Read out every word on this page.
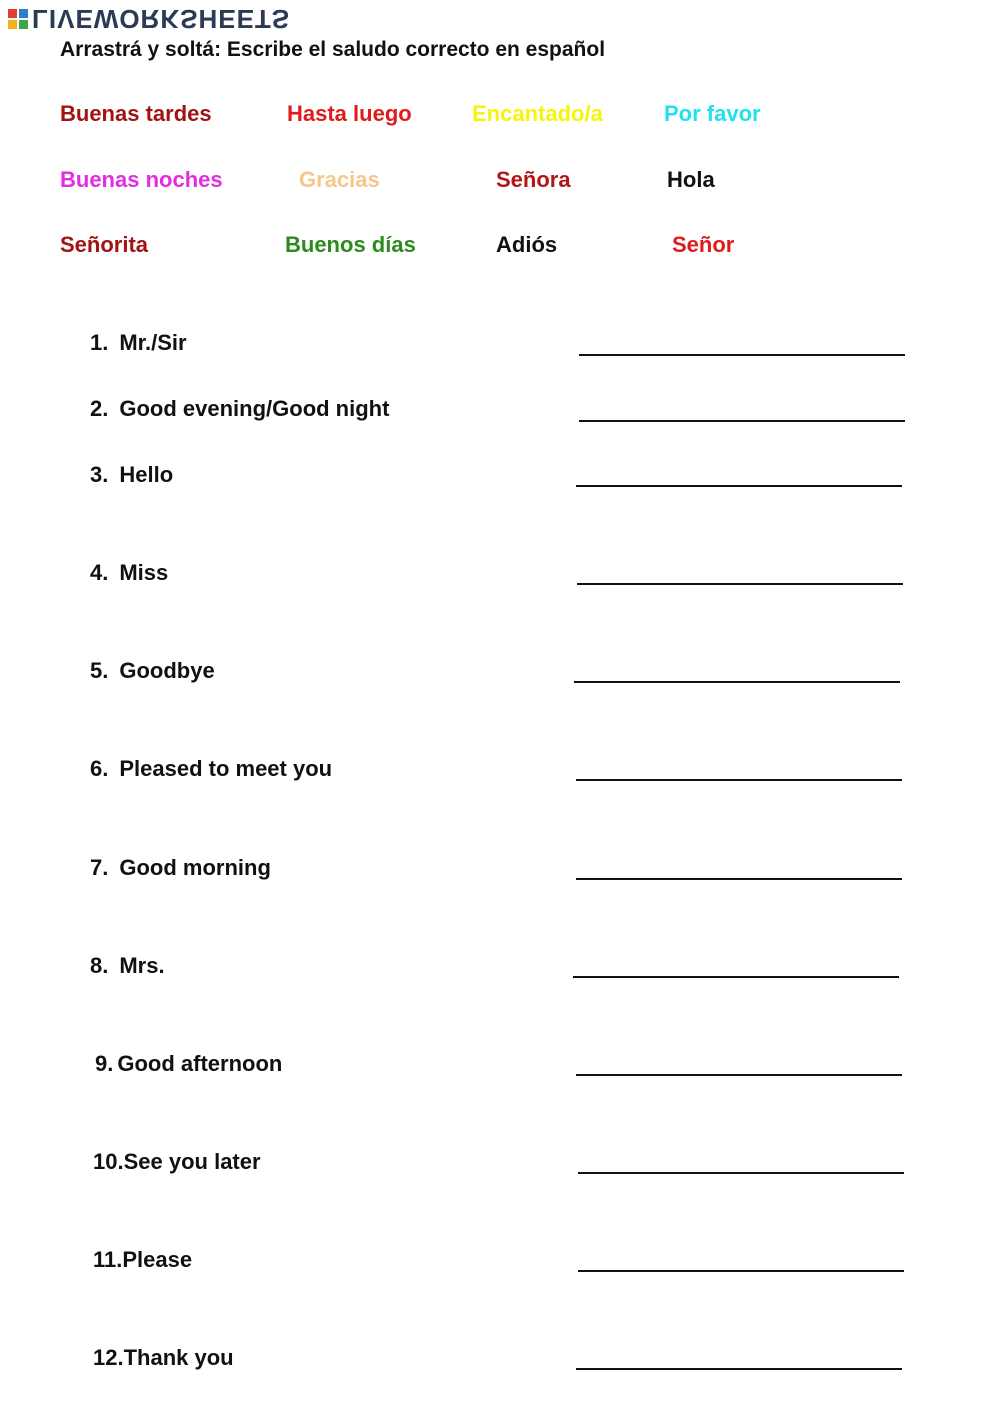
LIVEWORKSHEETS
Arrastrá y soltá: Escribe el saludo correcto en español
Buenas tardes	Hasta luego	Encantado/a	Por favor
Buenas noches	Gracias	Señora	Hola
Señorita	Buenos días	Adiós	Señor
1. Mr./Sir
2. Good evening/Good night
3. Hello
4. Miss
5. Goodbye
6. Pleased to meet you
7. Good morning
8. Mrs.
9. Good afternoon
10.See you later
11.Please
12.Thank you
